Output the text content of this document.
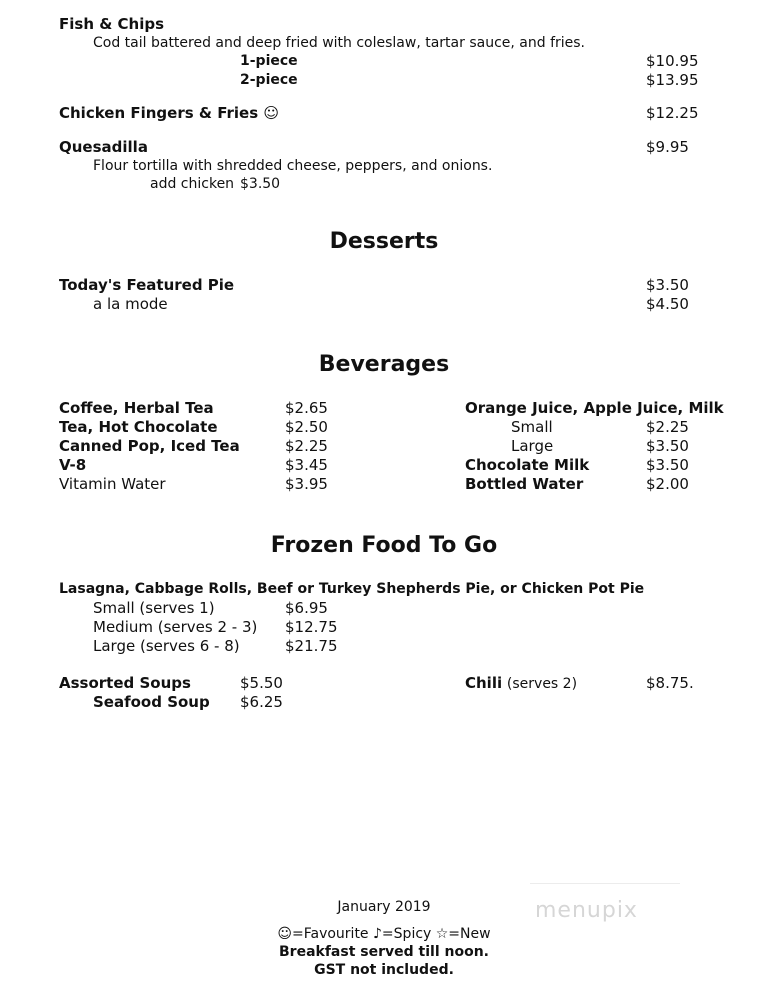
Fish & Chips
Cod tail battered and deep fried with coleslaw, tartar sauce, and fries.
1-piece	$10.95
2-piece	$13.95
Chicken Fingers & Fries ☺	$12.25
Quesadilla	$9.95
Flour tortilla with shredded cheese, peppers, and onions.
add chicken $3.50
Desserts
Today's Featured Pie	$3.50
a la mode	$4.50
Beverages
Coffee, Herbal Tea	$2.65
Tea, Hot Chocolate	$2.50
Canned Pop, Iced Tea	$2.25
V-8	$3.45
Vitamin Water	$3.95
Orange Juice, Apple Juice, Milk
Small	$2.25
Large	$3.50
Chocolate Milk	$3.50
Bottled Water	$2.00
Frozen Food To Go
Lasagna, Cabbage Rolls, Beef or Turkey Shepherds Pie, or Chicken Pot Pie
Small (serves 1)	$6.95
Medium (serves 2 - 3) $12.75
Large (serves 6 - 8)	$21.75
Assorted Soups	$5.50
Seafood Soup $6.25
Chili (serves 2)	$8.75.
menupix
January 2019
☺=Favourite ♪=Spicy ☆=New
Breakfast served till noon.
GST not included.
